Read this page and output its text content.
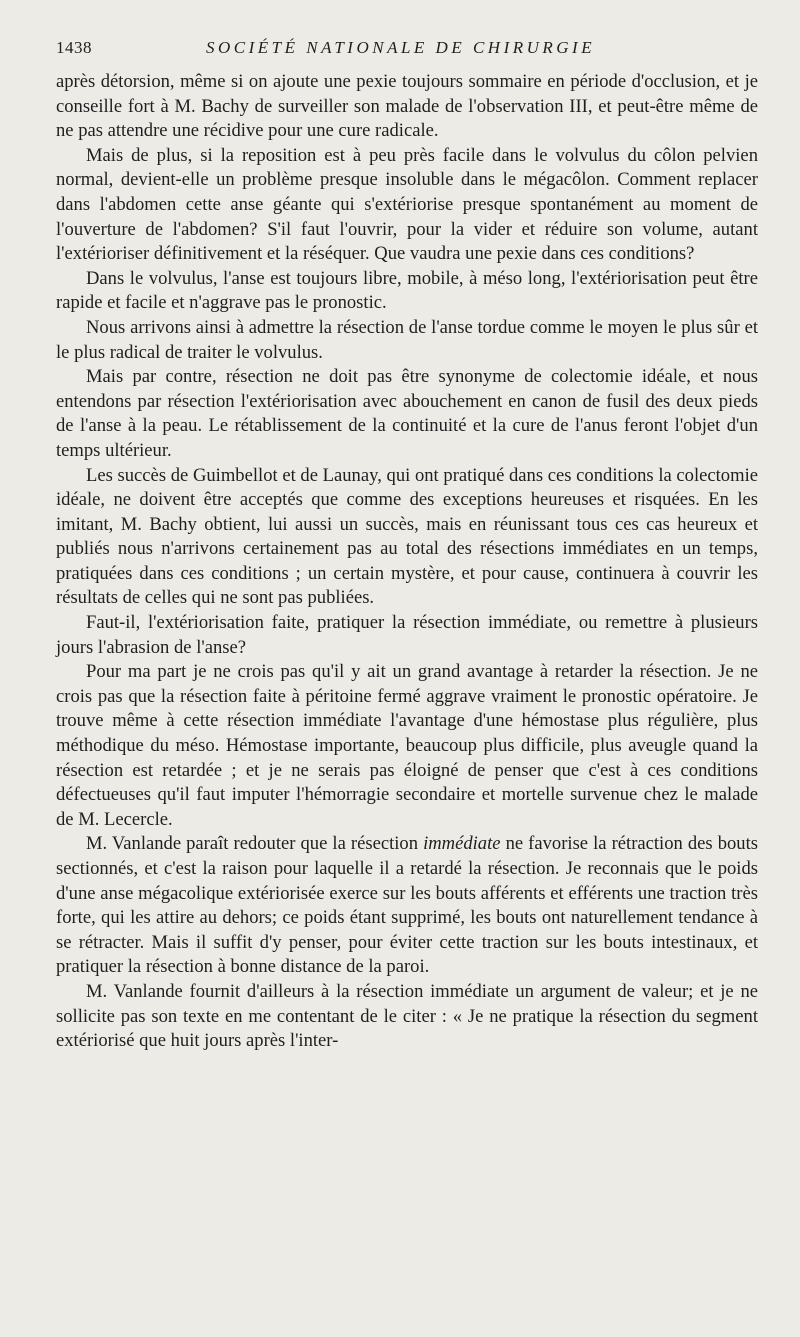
1438	SOCIÉTÉ NATIONALE DE CHIRURGIE

après détorsion, même si on ajoute une pexie toujours sommaire en période d'occlusion, et je conseille fort à M. Bachy de surveiller son malade de l'observation III, et peut-être même de ne pas attendre une récidive pour une cure radicale.

Mais de plus, si la reposition est à peu près facile dans le volvulus du côlon pelvien normal, devient-elle un problème presque insoluble dans le mégacôlon. Comment replacer dans l'abdomen cette anse géante qui s'extériorise presque spontanément au moment de l'ouverture de l'abdomen? S'il faut l'ouvrir, pour la vider et réduire son volume, autant l'extérioriser définitivement et la réséquer. Que vaudra une pexie dans ces conditions?

Dans le volvulus, l'anse est toujours libre, mobile, à méso long, l'extériorisation peut être rapide et facile et n'aggrave pas le pronostic.

Nous arrivons ainsi à admettre la résection de l'anse tordue comme le moyen le plus sûr et le plus radical de traiter le volvulus.

Mais par contre, résection ne doit pas être synonyme de colectomie idéale, et nous entendons par résection l'extériorisation avec abouchement en canon de fusil des deux pieds de l'anse à la peau. Le rétablissement de la continuité et la cure de l'anus feront l'objet d'un temps ultérieur.

Les succès de Guimbellot et de Launay, qui ont pratiqué dans ces conditions la colectomie idéale, ne doivent être acceptés que comme des exceptions heureuses et risquées. En les imitant, M. Bachy obtient, lui aussi un succès, mais en réunissant tous ces cas heureux et publiés nous n'arrivons certainement pas au total des résections immédiates en un temps, pratiquées dans ces conditions ; un certain mystère, et pour cause, continuera à couvrir les résultats de celles qui ne sont pas publiées.

Faut-il, l'extériorisation faite, pratiquer la résection immédiate, ou remettre à plusieurs jours l'abrasion de l'anse?

Pour ma part je ne crois pas qu'il y ait un grand avantage à retarder la résection. Je ne crois pas que la résection faite à péritoine fermé aggrave vraiment le pronostic opératoire. Je trouve même à cette résection immédiate l'avantage d'une hémostase plus régulière, plus méthodique du méso. Hémostase importante, beaucoup plus difficile, plus aveugle quand la résection est retardée ; et je ne serais pas éloigné de penser que c'est à ces conditions défectueuses qu'il faut imputer l'hémorragie secondaire et mortelle survenue chez le malade de M. Lecercle.

M. Vanlande paraît redouter que la résection immédiate ne favorise la rétraction des bouts sectionnés, et c'est la raison pour laquelle il a retardé la résection. Je reconnais que le poids d'une anse mégacolique extériorisée exerce sur les bouts afférents et efférents une traction très forte, qui les attire au dehors; ce poids étant supprimé, les bouts ont naturellement tendance à se rétracter. Mais il suffit d'y penser, pour éviter cette traction sur les bouts intestinaux, et pratiquer la résection à bonne distance de la paroi.

M. Vanlande fournit d'ailleurs à la résection immédiate un argument de valeur; et je ne sollicite pas son texte en me contentant de le citer : « Je ne pratique la résection du segment extériorisé que huit jours après l'inter-
